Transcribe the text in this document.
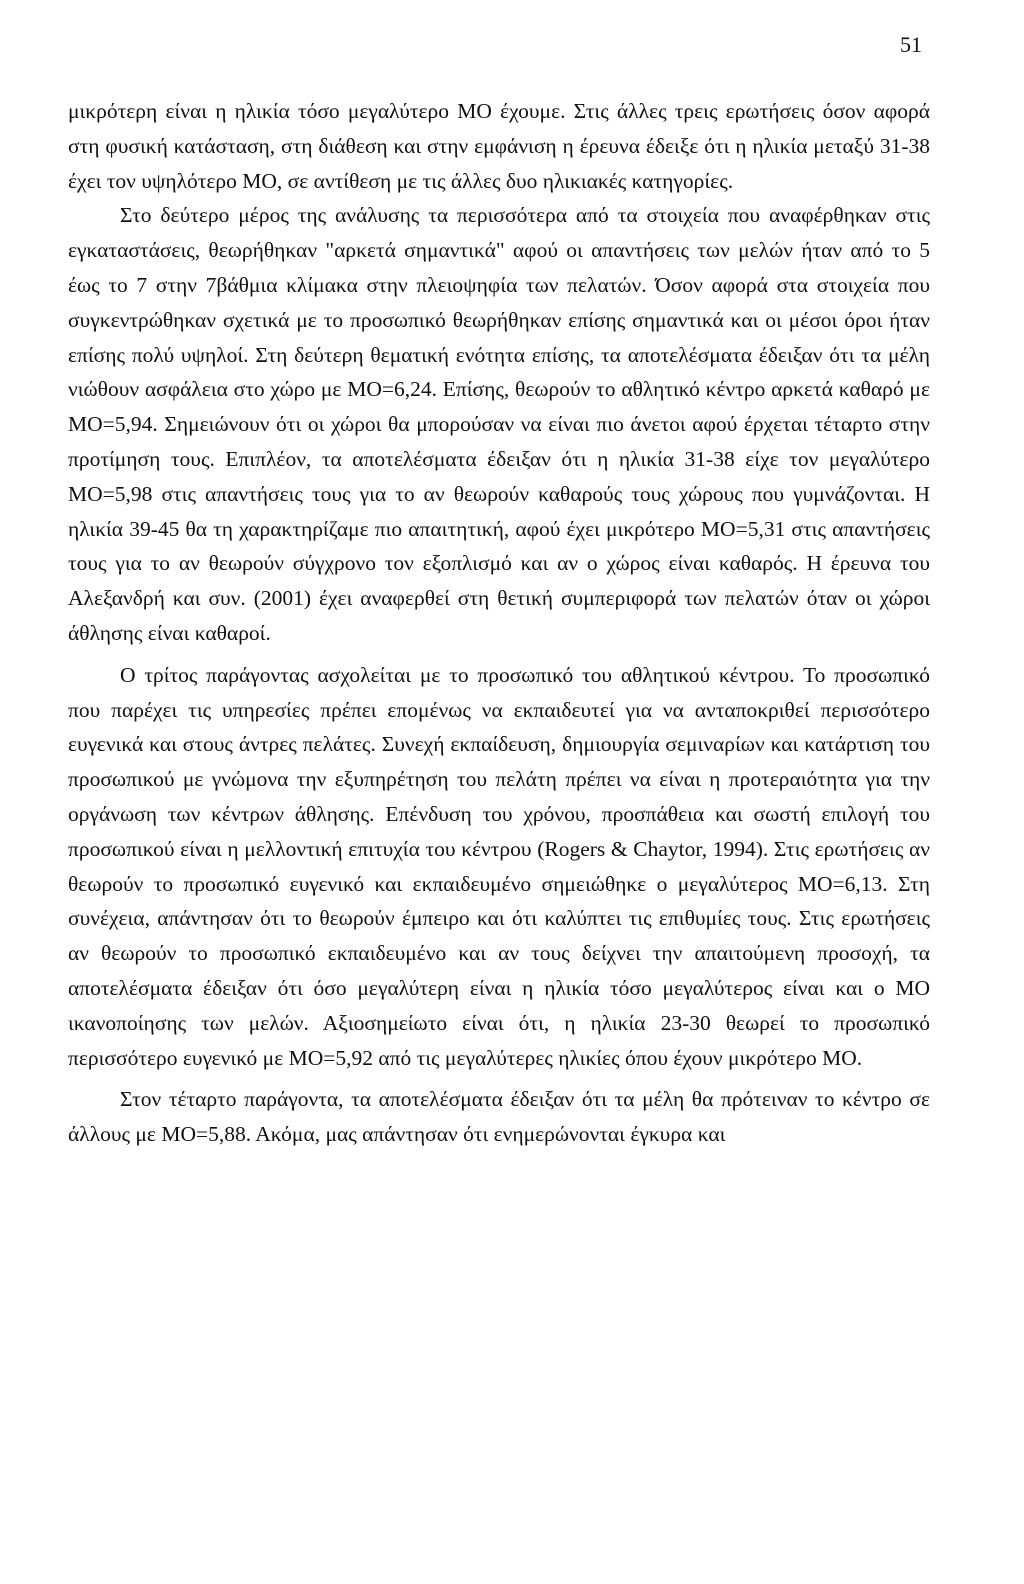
51

μικρότερη είναι η ηλικία τόσο μεγαλύτερο ΜΟ έχουμε. Στις άλλες τρεις ερωτήσεις όσον αφορά στη φυσική κατάσταση, στη διάθεση και στην εμφάνιση η έρευνα έδειξε ότι η ηλικία μεταξύ 31-38 έχει τον υψηλότερο ΜΟ, σε αντίθεση με τις άλλες δυο ηλικιακές κατηγορίες.

Στο δεύτερο μέρος της ανάλυσης τα περισσότερα από τα στοιχεία που αναφέρθηκαν στις εγκαταστάσεις, θεωρήθηκαν "αρκετά σημαντικά" αφού οι απαντήσεις των μελών ήταν από το 5 έως το 7 στην 7βάθμια κλίμακα στην πλειοψηφία των πελατών. Όσον αφορά στα στοιχεία που συγκεντρώθηκαν σχετικά με το προσωπικό θεωρήθηκαν επίσης σημαντικά και οι μέσοι όροι ήταν επίσης πολύ υψηλοί. Στη δεύτερη θεματική ενότητα επίσης, τα αποτελέσματα έδειξαν ότι τα μέλη νιώθουν ασφάλεια στο χώρο με ΜΟ=6,24. Επίσης, θεωρούν το αθλητικό κέντρο αρκετά καθαρό με ΜΟ=5,94. Σημειώνουν ότι οι χώροι θα μπορούσαν να είναι πιο άνετοι αφού έρχεται τέταρτο στην προτίμηση τους. Επιπλέον, τα αποτελέσματα έδειξαν ότι η ηλικία 31-38 είχε τον μεγαλύτερο ΜΟ=5,98 στις απαντήσεις τους για το αν θεωρούν καθαρούς τους χώρους που γυμνάζονται. Η ηλικία 39-45 θα τη χαρακτηρίζαμε πιο απαιτητική, αφού έχει μικρότερο ΜΟ=5,31 στις απαντήσεις τους για το αν θεωρούν σύγχρονο τον εξοπλισμό και αν ο χώρος είναι καθαρός. Η έρευνα του Αλεξανδρή και συν. (2001) έχει αναφερθεί στη θετική συμπεριφορά των πελατών όταν οι χώροι άθλησης είναι καθαροί.

Ο τρίτος παράγοντας ασχολείται με το προσωπικό του αθλητικού κέντρου. Το προσωπικό που παρέχει τις υπηρεσίες πρέπει επομένως να εκπαιδευτεί για να ανταποκριθεί περισσότερο ευγενικά και στους άντρες πελάτες. Συνεχή εκπαίδευση, δημιουργία σεμιναρίων και κατάρτιση του προσωπικού με γνώμονα την εξυπηρέτηση του πελάτη πρέπει να είναι η προτεραιότητα για την οργάνωση των κέντρων άθλησης. Επένδυση του χρόνου, προσπάθεια και σωστή επιλογή του προσωπικού είναι η μελλοντική επιτυχία του κέντρου (Rogers & Chaytor, 1994). Στις ερωτήσεις αν θεωρούν το προσωπικό ευγενικό και εκπαιδευμένο σημειώθηκε ο μεγαλύτερος ΜΟ=6,13. Στη συνέχεια, απάντησαν ότι το θεωρούν έμπειρο και ότι καλύπτει τις επιθυμίες τους. Στις ερωτήσεις αν θεωρούν το προσωπικό εκπαιδευμένο και αν τους δείχνει την απαιτούμενη προσοχή, τα αποτελέσματα έδειξαν ότι όσο μεγαλύτερη είναι η ηλικία τόσο μεγαλύτερος είναι και ο ΜΟ ικανοποίησης των μελών. Αξιοσημείωτο είναι ότι, η ηλικία 23-30 θεωρεί το προσωπικό περισσότερο ευγενικό με ΜΟ=5,92 από τις μεγαλύτερες ηλικίες όπου έχουν μικρότερο ΜΟ.

Στον τέταρτο παράγοντα, τα αποτελέσματα έδειξαν ότι τα μέλη θα πρότειναν το κέντρο σε άλλους με ΜΟ=5,88. Ακόμα, μας απάντησαν ότι ενημερώνονται έγκυρα και
